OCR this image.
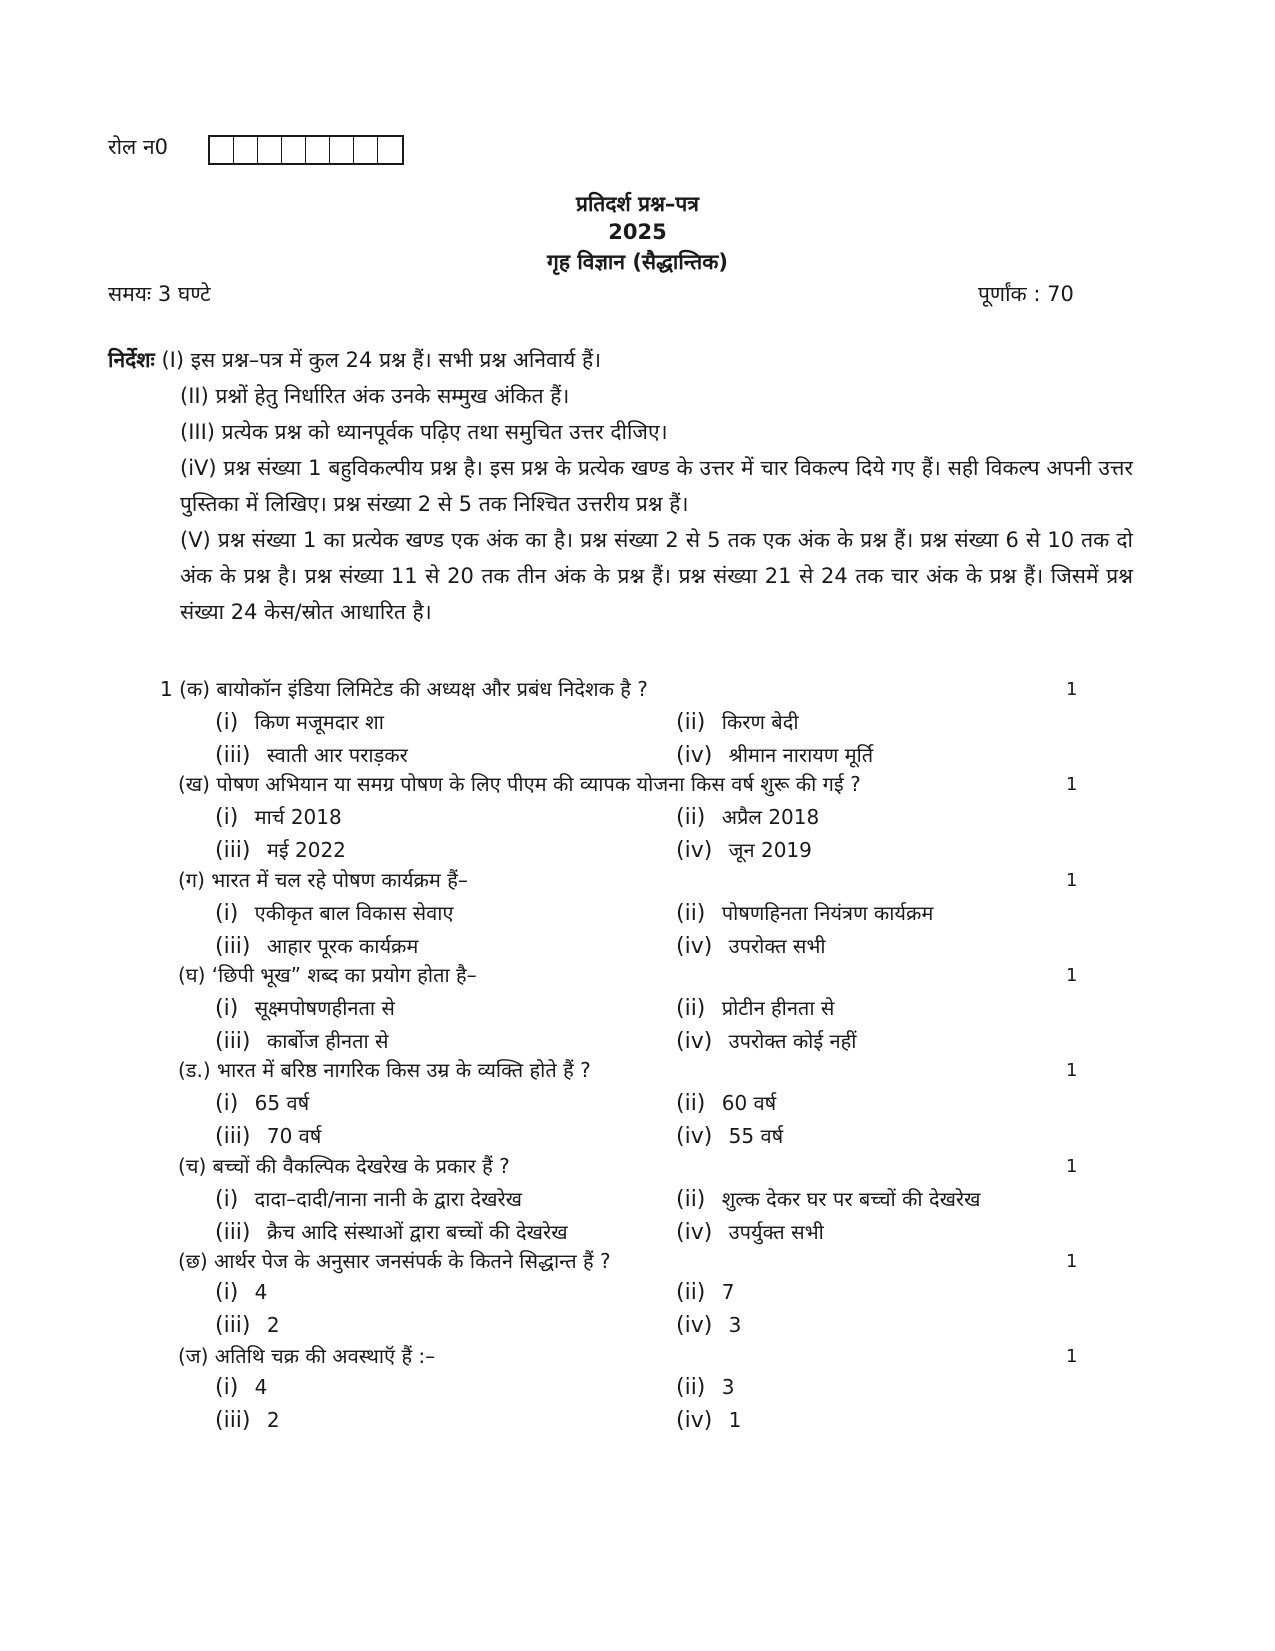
रोल न0
प्रतिदर्श प्रश्न–पत्र
2025
गृह विज्ञान (सैद्धान्तिक)
समयः 3 घण्टे	पूर्णांक : 70
निर्देशः (I) इस प्रश्न–पत्र में कुल 24 प्रश्न हैं। सभी प्रश्न अनिवार्य हैं।
(II) प्रश्नों हेतु निर्धारित अंक उनके सम्मुख अंकित हैं।
(III) प्रत्येक प्रश्न को ध्यानपूर्वक पढ़िए तथा समुचित उत्तर दीजिए।
(iV) प्रश्न संख्या 1 बहुविकल्पीय प्रश्न है। इस प्रश्न के प्रत्येक खण्ड के उत्तर में चार विकल्प दिये गए हैं। सही विकल्प अपनी उत्तर पुस्तिका में लिखिए। प्रश्न संख्या 2 से 5 तक निश्चित उत्तरीय प्रश्न हैं।
(V) प्रश्न संख्या 1 का प्रत्येक खण्ड एक अंक का है। प्रश्न संख्या 2 से 5 तक एक अंक के प्रश्न हैं। प्रश्न संख्या 6 से 10 तक दो अंक के प्रश्न है। प्रश्न संख्या 11 से 20 तक तीन अंक के प्रश्न हैं। प्रश्न संख्या 21 से 24 तक चार अंक के प्रश्न हैं। जिसमें प्रश्न संख्या 24 केस/स्रोत आधारित है।
1 (क) बायोकॉन इंडिया लिमिटेड की अध्यक्ष और प्रबंध निदेशक है ?	1
(i) किण मजूमदार शा	(ii) किरण बेदी
(iii) स्वाती आर पराड़कर	(iv) श्रीमान नारायण मूर्ति
(ख) पोषण अभियान या समग्र पोषण के लिए पीएम की व्यापक योजना किस वर्ष शुरू की गई ?	1
(i) मार्च 2018	(ii) अप्रैल 2018
(iii) मई 2022	(iv) जून 2019
(ग) भारत में चल रहे पोषण कार्यक्रम हैं–	1
(i) एकीकृत बाल विकास सेवाए	(ii) पोषणहिनता नियंत्रण कार्यक्रम
(iii) आहार पूरक कार्यक्रम	(iv) उपरोक्त सभी
(घ) ‘छिपी भूख” शब्द का प्रयोग होता है–	1
(i) सूक्ष्मपोषणहीनता से	(ii) प्रोटीन हीनता से
(iii) कार्बोज हीनता से	(iv) उपरोक्त कोई नहीं
(ड.) भारत में बरिष्ठ नागरिक किस उम्र के व्यक्ति होते हैं ?	1
(i) 65 वर्ष	(ii) 60 वर्ष
(iii) 70 वर्ष	(iv) 55 वर्ष
(च) बच्चों की वैकल्पिक देखरेख के प्रकार हैं ?	1
(i) दादा–दादी/नाना नानी के द्वारा देखरेख	(ii) शुल्क देकर घर पर बच्चों की देखरेख
(iii) क्रैच आदि संस्थाओं द्वारा बच्चों की देखरेख	(iv) उपर्युक्त सभी
(छ) आर्थर पेज के अनुसार जनसंपर्क के कितने सिद्धान्त हैं ?	1
(i) 4	(ii) 7
(iii) 2	(iv) 3
(ज) अतिथि चक्र की अवस्थाऍ हैं :–	1
(i) 4	(ii) 3
(iii) 2	(iv) 1
